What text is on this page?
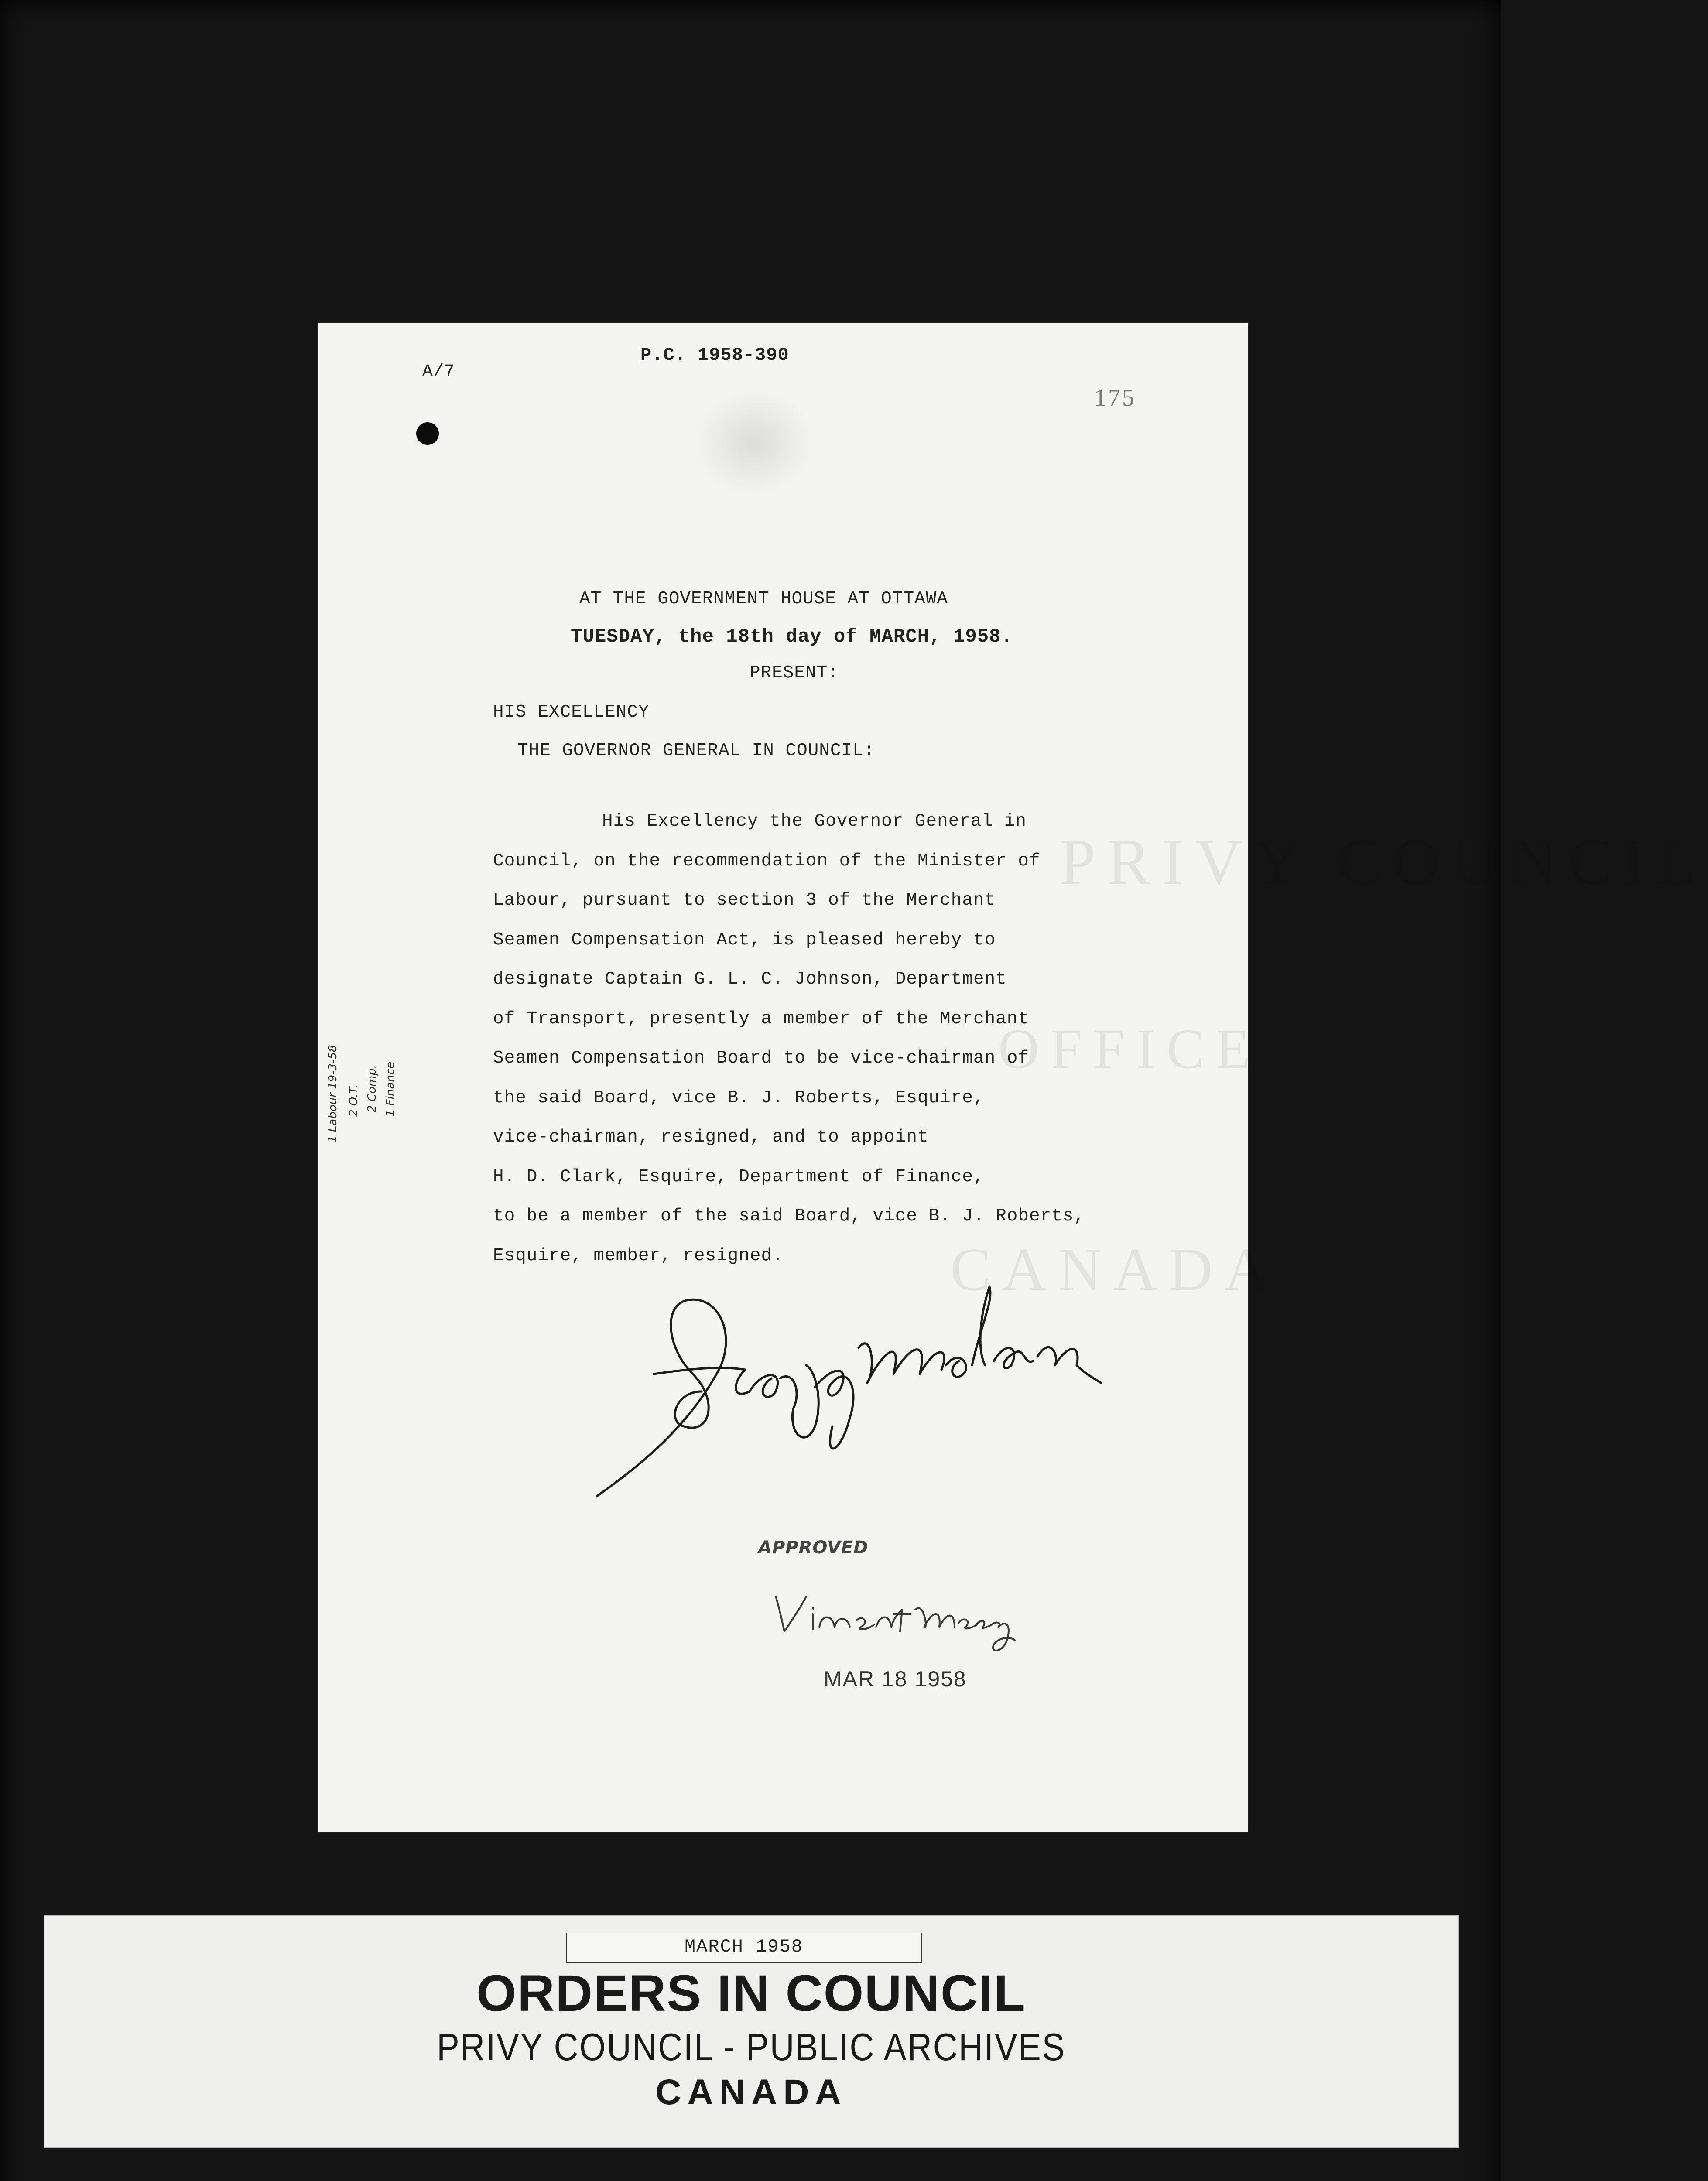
PRIVY COUNCIL
OFFICE
CANADA
A/7
P.C. 1958-390
175
AT THE GOVERNMENT HOUSE AT OTTAWA
TUESDAY, the 18th day of MARCH, 1958.
PRESENT:
HIS EXCELLENCY
THE GOVERNOR GENERAL IN COUNCIL:
His Excellency the Governor General in
Council, on the recommendation of the Minister of
Labour, pursuant to section 3 of the Merchant
Seamen Compensation Act, is pleased hereby to
designate Captain G. L. C. Johnson, Department
of Transport, presently a member of the Merchant
Seamen Compensation Board to be vice-chairman of
the said Board, vice B. J. Roberts, Esquire,
vice-chairman, resigned, and to appoint
H. D. Clark, Esquire, Department of Finance,
to be a member of the said Board, vice B. J. Roberts,
Esquire, member, resigned.
1 Labour 19-3-58 2 O.T. 2 Comp. 1 Finance
APPROVED
MAR 18 1958
MARCH 1958
ORDERS IN COUNCIL
PRIVY COUNCIL - PUBLIC ARCHIVES
CANADA
